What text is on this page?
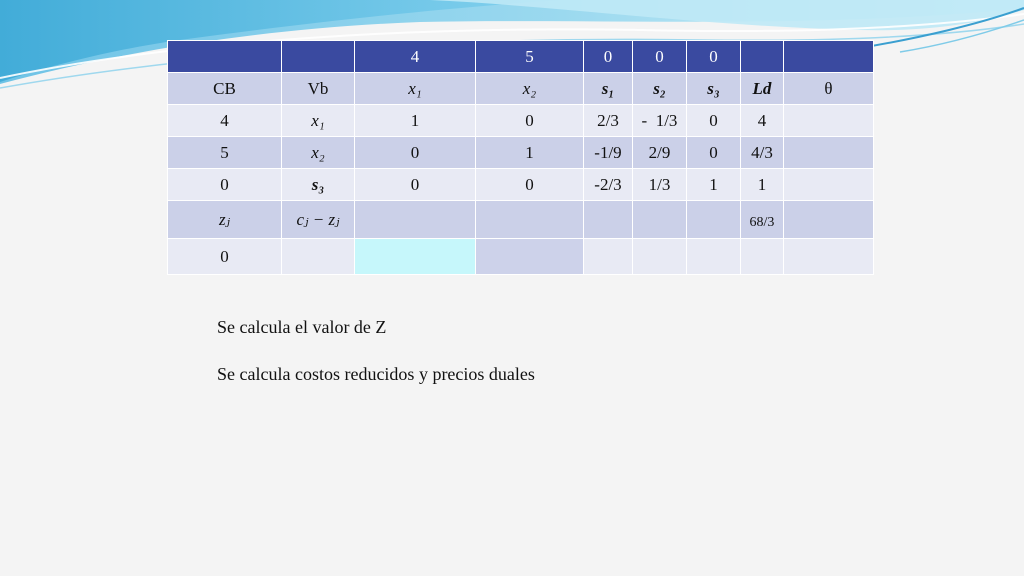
		4	5	0	0	0		
CB	Vb	x₁	x₂	s₁	s₂	s₃	Ld	θ
4	x₁	1	0	2/3	-  1/3	0	4	
5	x₂	0	1	-1/9	2/9	0	4/3	
0	s₃	0	0	-2/3	1/3	1	1	
zⱼ	cⱼ − zⱼ						68/3	
0								
Se calcula el valor de Z
Se calcula costos reducidos y precios duales
